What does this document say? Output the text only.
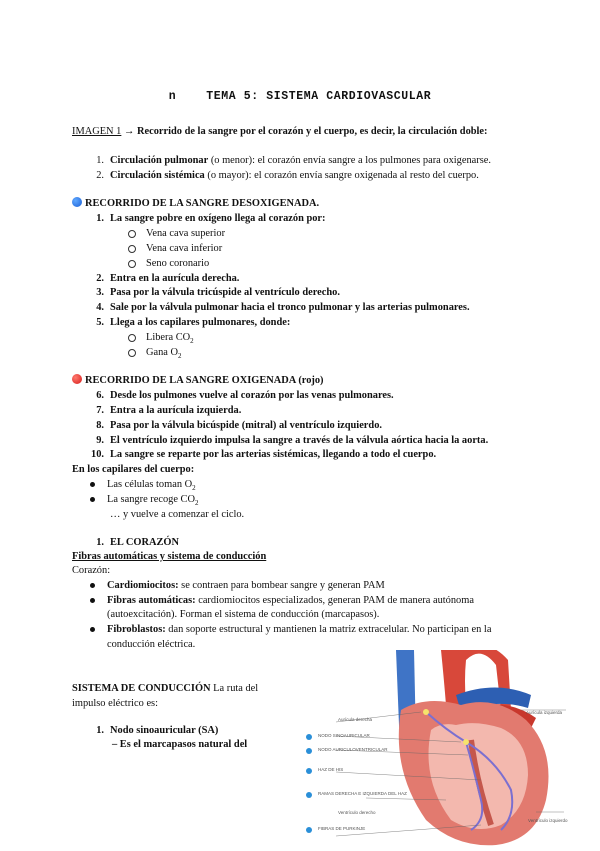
n	TEMA 5: SISTEMA CARDIOVASCULAR
IMAGEN 1 → Recorrido de la sangre por el corazón y el cuerpo, es decir, la circulación doble:
1. Circulación pulmonar (o menor): el corazón envía sangre a los pulmones para oxigenarse.
2. Circulación sistémica (o mayor): el corazón envía sangre oxigenada al resto del cuerpo.
RECORRIDO DE LA SANGRE DESOXIGENADA.
1. La sangre pobre en oxígeno llega al corazón por:
Vena cava superior
Vena cava inferior
Seno coronario
2. Entra en la aurícula derecha.
3. Pasa por la válvula tricúspide al ventrículo derecho.
4. Sale por la válvula pulmonar hacia el tronco pulmonar y las arterias pulmonares.
5. Llega a los capilares pulmonares, donde:
Libera $CO_2$
Gana $O_2$
RECORRIDO DE LA SANGRE OXIGENADA (rojo)
6. Desde los pulmones vuelve al corazón por las venas pulmonares.
7. Entra a la aurícula izquierda.
8. Pasa por la válvula bicúspide (mitral) al ventrículo izquierdo.
9. El ventrículo izquierdo impulsa la sangre a través de la válvula aórtica hacia la aorta.
10. La sangre se reparte por las arterias sistémicas, llegando a todo el cuerpo.
En los capilares del cuerpo:
Las células toman $O_2$
La sangre recoge $CO_2$
… y vuelve a comenzar el ciclo.
1. EL CORAZÓN
Fibras automáticas y sistema de conducción
Corazón:
Cardiomiocitos: se contraen para bombear sangre y generan PAM
Fibras automáticas: cardiomiocitos especializados, generan PAM de manera autónoma
(autoexcitación). Forman el sistema de conducción (marcapasos).
Fibroblastos: dan soporte estructural y mantienen la matriz extracelular. No participan en la
conducción eléctrica.
SISTEMA DE CONDUCCIÓN La ruta del
impulso eléctrico es:
1. Nodo sinoauricular (SA)
– Es el marcapasos natural del
Aurícula derecha
Aurícula izquierda
NODO SINOAURICULAR
NODO AURICULOVENTRICULAR
HAZ DE HIS
RAMAS DERECHA E IZQUIERDA DEL HAZ
Ventrículo derecho
Ventrículo izquierdo
FIBRAS DE PURKINJE
